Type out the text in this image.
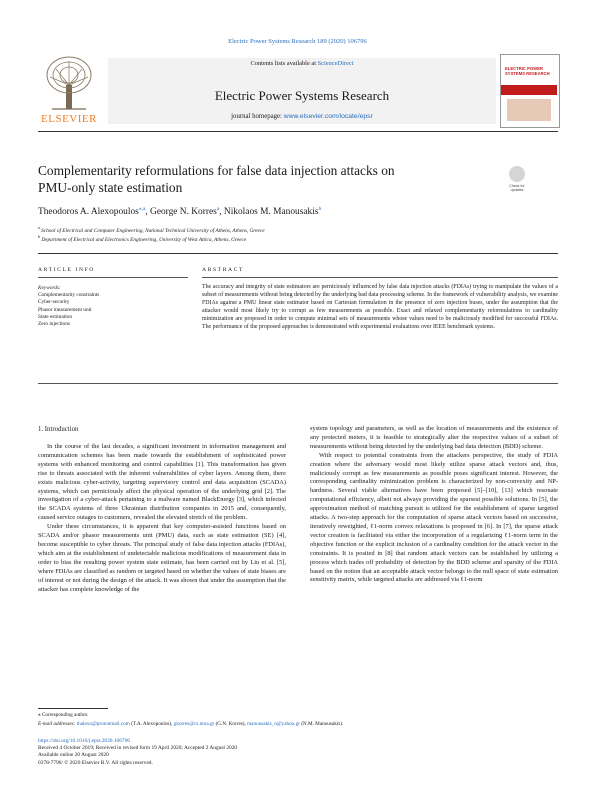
Electric Power Systems Research 189 (2020) 106796
ELSEVIER
Contents lists available at ScienceDirect
Electric Power Systems Research
journal homepage: www.elsevier.com/locate/epsr
ELECTRIC POWER
SYSTEMS RESEARCH
Complementarity reformulations for false data injection attacks on
PMU-only state estimation	Check for
updates
Theodoros A. Alexopoulos$^{⁎,a}$, George N. Korres$^a$, Nikolaos M. Manousakis$^b$
$^a$ School of Electrical and Computer Engineering, National Technical University of Athens, Athens, Greece
$^b$ Department of Electrical and Electronics Engineering, University of West Attica, Athens, Greece
ARTICLE INFO	ABSTRACT
Keywords:
Complementarity constraints
Cyber-security
Phasor measurement unit
State estimation
Zero injections
The accuracy and integrity of state estimators are perniciously influenced by false data injection attacks (FDIAs) trying to manipulate the values of a subset of measurements without being detected by the underlying bad data processing scheme. In the framework of vulnerability analysis, we examine FDIAs against a PMU linear state estimator based on Cartesian formulation in the presence of zero injection buses, under the assumption that the attacker would most likely try to corrupt as few measurements as possible. Exact and relaxed complementarity reformulations to cardinality minimization are proposed in order to compute minimal sets of measurements whose values need to be maliciously modified for successful FDIAs. The performance of the proposed approaches is demonstrated with experimental evaluations over IEEE benchmark systems.
1. Introduction

In the course of the last decades, a significant investment in information management and communication schemes has been made towards the establishment of sophisticated power systems with enhanced monitoring and control capabilities [1]. This transformation has given rise to threats associated with the inherent vulnerabilities of cyber layers. Among them, there exists malicious cyber-activity, targeting supervisory control and data acquisition (SCADA) systems, which can perniciously affect the physical operation of the underlying grid [2]. The investigation of a cyber-attack pertaining to a malware named BlackEnergy [3], which infected the SCADA systems of three Ukrainian distribution companies in 2015 and, consequently, caused service outages to customers, revealed the elevated stretch of the problem.

Under these circumstances, it is apparent that key computer-assisted functions based on SCADA and/or phasor measurements unit (PMU) data, such as state estimation (SE) [4], become susceptible to cyber threats. The principal study of false data injection attacks (FDIAs), which aim at the establishment of undetectable malicious modifications of measurement data in order to bias the resulting power system state estimate, has been carried out by Liu et al. [5], where FDIAs are classified as random or targeted based on whether the values of state biases are of interest or not during the design of the attack. It was shown that under the assumption that the attacker has complete knowledge of the

system topology and parameters, as well as the location of measurements and the existence of any protected meters, it is feasible to strategically alter the respective values of a subset of measurements without being detected by the underlying bad data detection (BDD) scheme.

With respect to potential constraints from the attackers perspective, the study of FDIA creation where the adversary would most likely utilize sparse attack vectors and, thus, maliciously corrupt as few measurements as possible poses significant interest. However, the corresponding cardinality minimization problem is characterized by non-convexity and NP-hardness. Several viable alternatives have been proposed [5]–[10], [13] which resonate computational efficiency, albeit not always providing the sparsest possible solutions. In [5], the approximation method of matching pursuit is utilized for the establishment of sparse targeted attacks. A two-step approach for the computation of sparse attack vectors based on successive, iteratively reweighted, ℓ1-norm convex relaxations is proposed in [6]. In [7], the sparse attack vector creation is facilitated via either the incorporation of a regularizing ℓ1-norm term in the objective function or the explicit inclusion of a cardinality condition for the attack vector in the constraints. It is posited in [8] that random attack vectors can be established by utilizing a process which trades off probability of detection by the BDD scheme and sparsity of the FDIA based on the notion that an acceptable attack vector belongs to the null space of state estimation sensitivity matrix, while targeted attacks are addressed via ℓ1-norm

⁎ Corresponding author.
E-mail addresses: thalexo@protonmail.com (T.A. Alexopoulos), gkorres@cs.ntua.gr (G.N. Korres), manousakis_n@yahoo.gr (N.M. Manousakis).
https://doi.org/10.1016/j.epsr.2020.106796
Received 4 October 2019; Received in revised form 19 April 2020; Accepted 2 August 2020
Available online 20 August 2020
0378-7796/ © 2020 Elsevier B.V. All rights reserved.
